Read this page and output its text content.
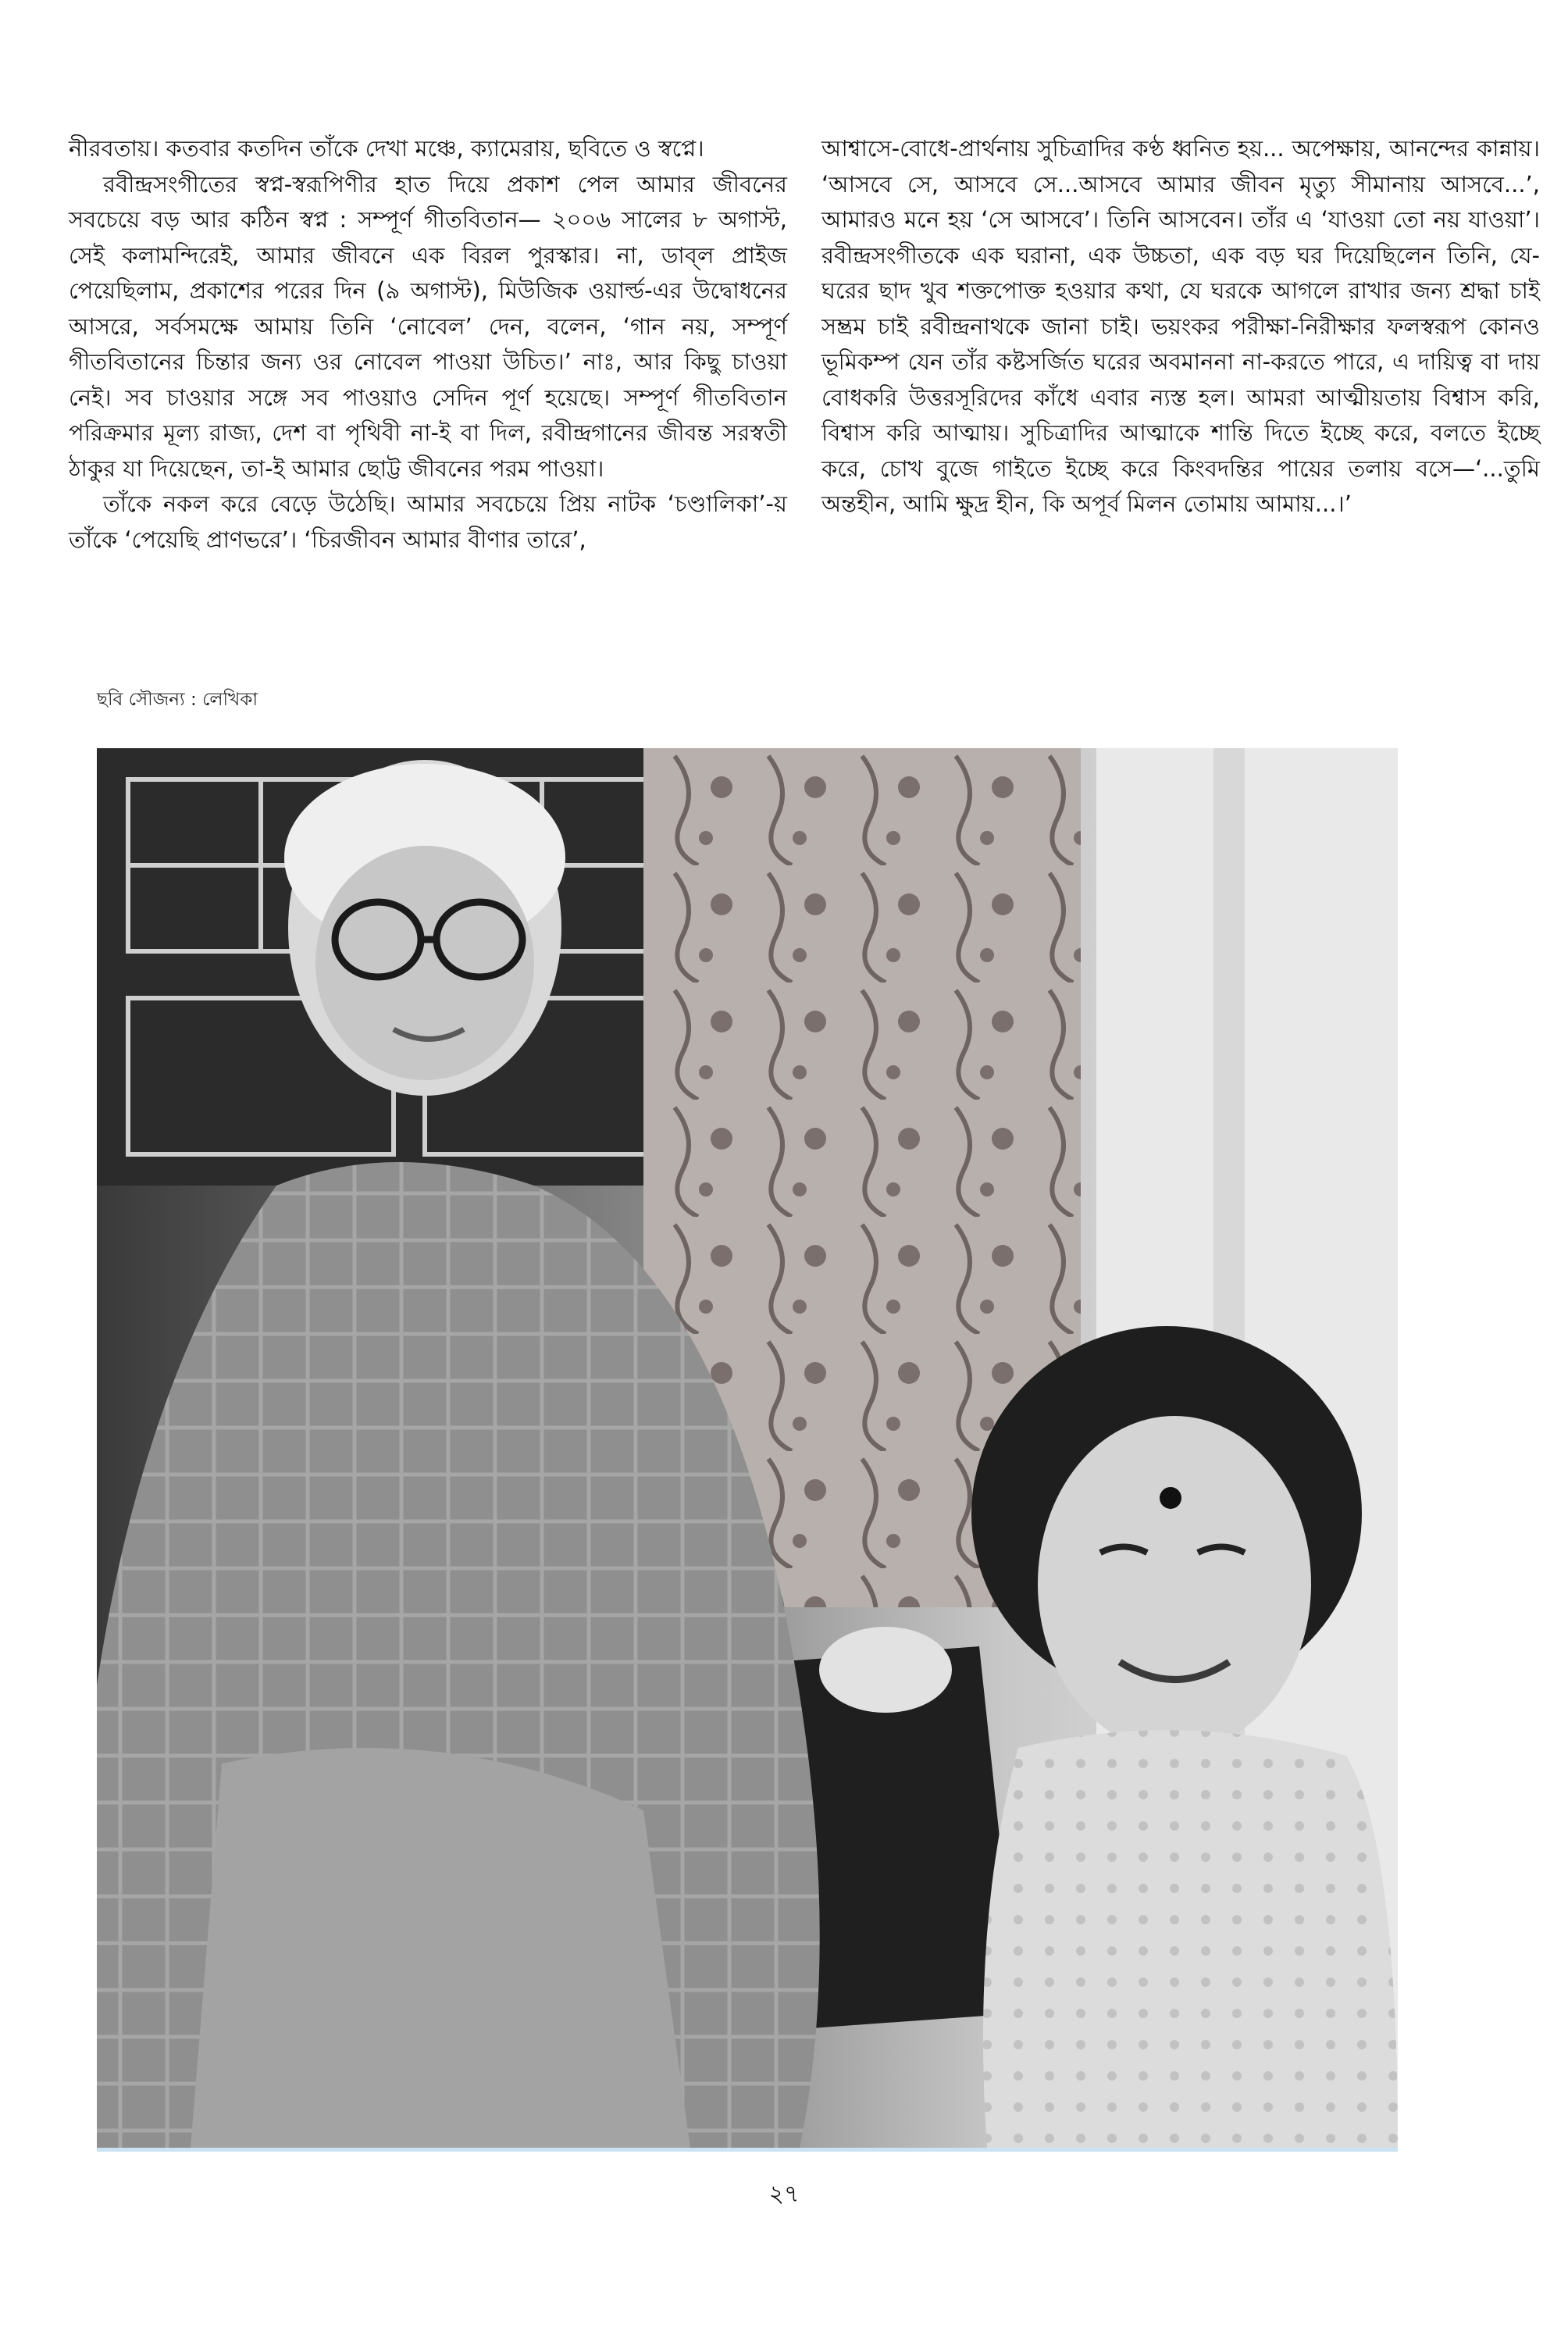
নীরবতায়। কতবার কতদিন তাঁকে দেখা মঞ্চে, ক্যামেরায়, ছবিতে ও স্বপ্নে।

রবীন্দ্রসংগীতের স্বপ্ন-স্বরূপিণীর হাত দিয়ে প্রকাশ পেল আমার জীবনের সবচেয়ে বড় আর কঠিন স্বপ্ন : সম্পূর্ণ গীতবিতান— ২০০৬ সালের ৮ অগাস্ট, সেই কলামন্দিরেই, আমার জীবনে এক বিরল পুরস্কার। না, ডাব্‌ল প্রাইজ পেয়েছিলাম, প্রকাশের পরের দিন (৯ অগাস্ট), মিউজিক ওয়ার্ল্ড-এর উদ্বোধনের আসরে, সর্বসমক্ষে আমায় তিনি ‘নোবেল’ দেন, বলেন, ‘গান নয়, সম্পূর্ণ গীতবিতানের চিন্তার জন্য ওর নোবেল পাওয়া উচিত।’ নাঃ, আর কিছু চাওয়া নেই। সব চাওয়ার সঙ্গে সব পাওয়াও সেদিন পূর্ণ হয়েছে। সম্পূর্ণ গীতবিতান পরিক্রমার মূল্য রাজ্য, দেশ বা পৃথিবী না-ই বা দিল, রবীন্দ্রগানের জীবন্ত সরস্বতী ঠাকুর যা দিয়েছেন, তা-ই আমার ছোট্ট জীবনের পরম পাওয়া।

তাঁকে নকল করে বেড়ে উঠেছি। আমার সবচেয়ে প্রিয় নাটক ‘চণ্ডালিকা’-য় তাঁকে ‘পেয়েছি প্রাণভরে’। ‘চিরজীবন আমার বীণার তারে’,

আশ্বাসে-বোধে-প্রার্থনায় সুচিত্রাদির কণ্ঠ ধ্বনিত হয়... অপেক্ষায়, আনন্দের কান্নায়। ‘আসবে সে, আসবে সে...আসবে আমার জীবন মৃত্যু সীমানায় আসবে...’, আমারও মনে হয় ‘সে আসবে’। তিনি আসবেন। তাঁর এ ‘যাওয়া তো নয় যাওয়া’। রবীন্দ্রসংগীতকে এক ঘরানা, এক উচ্চতা, এক বড় ঘর দিয়েছিলেন তিনি, যে-ঘরের ছাদ খুব শক্তপোক্ত হওয়ার কথা, যে ঘরকে আগলে রাখার জন্য শ্রদ্ধা চাই সম্ভ্রম চাই রবীন্দ্রনাথকে জানা চাই। ভয়ংকর পরীক্ষা-নিরীক্ষার ফলস্বরূপ কোনও ভূমিকম্প যেন তাঁর কষ্টসর্জিত ঘরের অবমাননা না-করতে পারে, এ দায়িত্ব বা দায় বোধকরি উত্তরসূরিদের কাঁধে এবার ন্যস্ত হল। আমরা আত্মীয়তায় বিশ্বাস করি, বিশ্বাস করি আত্মায়। সুচিত্রাদির আত্মাকে শান্তি দিতে ইচ্ছে করে, বলতে ইচ্ছে করে, চোখ বুজে গাইতে ইচ্ছে করে কিংবদন্তির পায়ের তলায় বসে—‘...তুমি অন্তহীন, আমি ক্ষুদ্র হীন, কি অপূর্ব মিলন তোমায় আমায়...।’

ছবি সৌজন্য : লেখিকা
২৭
